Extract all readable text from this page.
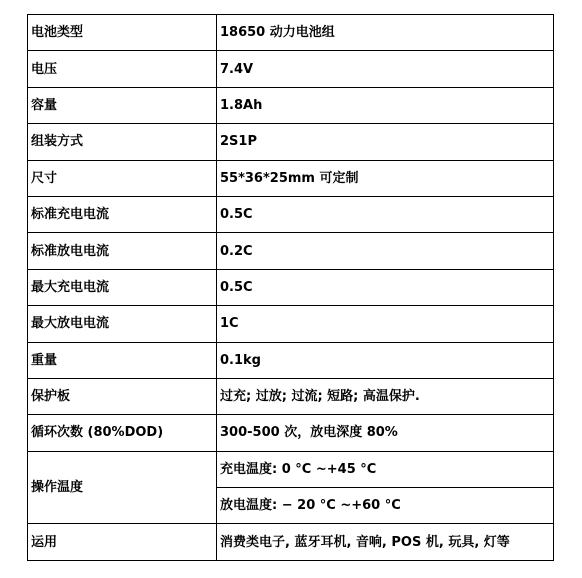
电池类型	18650 动力电池组
电压	7.4V
容量	1.8Ah
组装方式	2S1P
尺寸	55*36*25mm 可定制
标准充电电流	0.5C
标准放电电流	0.2C
最大充电电流	0.5C
最大放电电流	1C
重量	0.1kg
保护板	过充; 过放; 过流; 短路; 高温保护.
循环次数 (80%DOD)	300-500 次，放电深度 80%
操作温度	充电温度: 0 °C ~+45 °C
	放电温度: − 20 °C ~+60 °C
运用	消费类电子, 蓝牙耳机, 音响, POS 机, 玩具, 灯等
